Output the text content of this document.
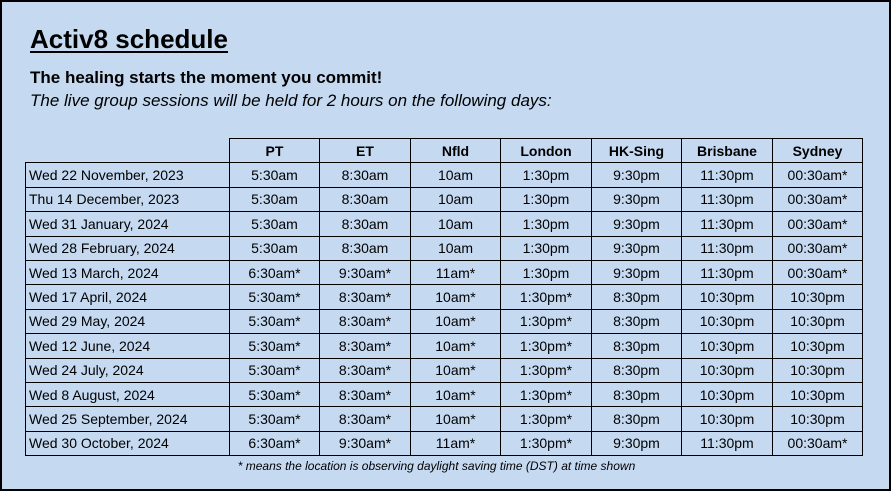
Activ8 schedule
The healing starts the moment you commit!
The live group sessions will be held for 2 hours on the following days:
	PT	ET	Nfld	London	HK-Sing	Brisbane	Sydney
Wed 22 November, 2023	5:30am	8:30am	10am	1:30pm	9:30pm	11:30pm	00:30am*
Thu 14 December, 2023	5:30am	8:30am	10am	1:30pm	9:30pm	11:30pm	00:30am*
Wed 31 January, 2024	5:30am	8:30am	10am	1:30pm	9:30pm	11:30pm	00:30am*
Wed 28 February, 2024	5:30am	8:30am	10am	1:30pm	9:30pm	11:30pm	00:30am*
Wed 13 March, 2024	6:30am*	9:30am*	11am*	1:30pm	9:30pm	11:30pm	00:30am*
Wed 17 April, 2024	5:30am*	8:30am*	10am*	1:30pm*	8:30pm	10:30pm	10:30pm
Wed 29 May, 2024	5:30am*	8:30am*	10am*	1:30pm*	8:30pm	10:30pm	10:30pm
Wed 12 June, 2024	5:30am*	8:30am*	10am*	1:30pm*	8:30pm	10:30pm	10:30pm
Wed 24 July, 2024	5:30am*	8:30am*	10am*	1:30pm*	8:30pm	10:30pm	10:30pm
Wed 8 August, 2024	5:30am*	8:30am*	10am*	1:30pm*	8:30pm	10:30pm	10:30pm
Wed 25 September, 2024	5:30am*	8:30am*	10am*	1:30pm*	8:30pm	10:30pm	10:30pm
Wed 30 October, 2024	6:30am*	9:30am*	11am*	1:30pm*	9:30pm	11:30pm	00:30am*
* means the location is observing daylight saving time (DST) at time shown
